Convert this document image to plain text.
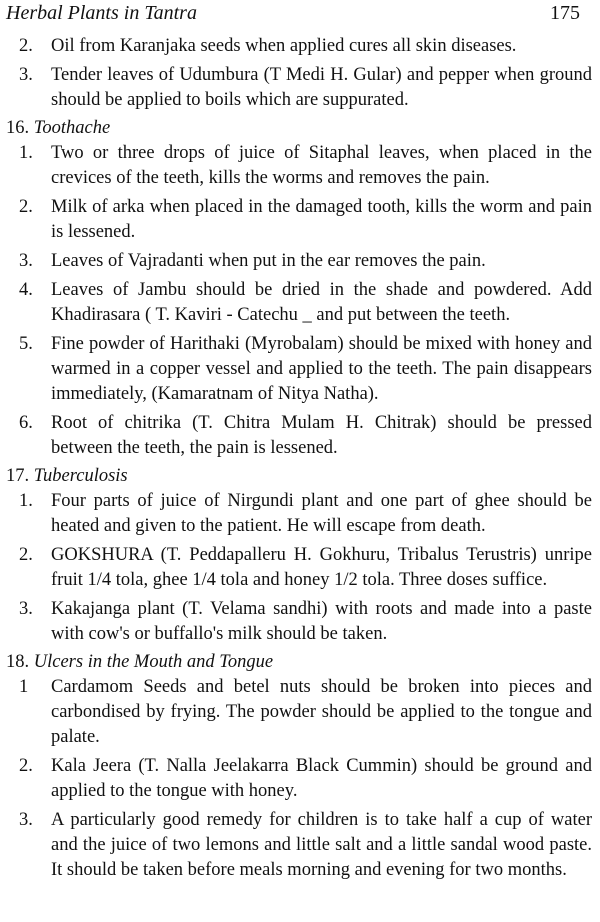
Herbal Plants in Tantra	175
2. Oil from Karanjaka seeds when applied cures all skin diseases.
3. Tender leaves of Udumbura (T Medi H. Gular) and pepper when ground should be applied to boils which are suppurated.
16. Toothache
1. Two or three drops of juice of Sitaphal leaves, when placed in the crevices of the teeth, kills the worms and removes the pain.
2. Milk of arka when placed in the damaged tooth, kills the worm and pain is lessened.
3. Leaves of Vajradanti when put in the ear removes the pain.
4. Leaves of Jambu should be dried in the shade and powdered. Add Khadirasara ( T. Kaviri - Catechu _ and put between the teeth.
5. Fine powder of Harithaki (Myrobalam) should be mixed with honey and warmed in a copper vessel and applied to the teeth. The pain disappears immediately, (Kamaratnam of Nitya Natha).
6. Root of chitrika (T. Chitra Mulam H. Chitrak) should be pressed between the teeth, the pain is lessened.
17. Tuberculosis
1. Four parts of juice of Nirgundi plant and one part of ghee should be heated and given to the patient. He will escape from death.
2. GOKSHURA (T. Peddapalleru H. Gokhuru, Tribalus Terustris) unripe fruit 1/4 tola, ghee 1/4 tola and honey 1/2 tola. Three doses suffice.
3. Kakajanga plant (T. Velama sandhi) with roots and made into a paste with cow's or buffallo's milk should be taken.
18. Ulcers in the Mouth and Tongue
1 Cardamom Seeds and betel nuts should be broken into pieces and carbondised by frying. The powder should be applied to the tongue and palate.
2. Kala Jeera (T. Nalla Jeelakarra Black Cummin) should be ground and applied to the tongue with honey.
3. A particularly good remedy for children is to take half a cup of water and the juice of two lemons and little salt and a little sandal wood paste. It should be taken before meals morning and evening for two months.
